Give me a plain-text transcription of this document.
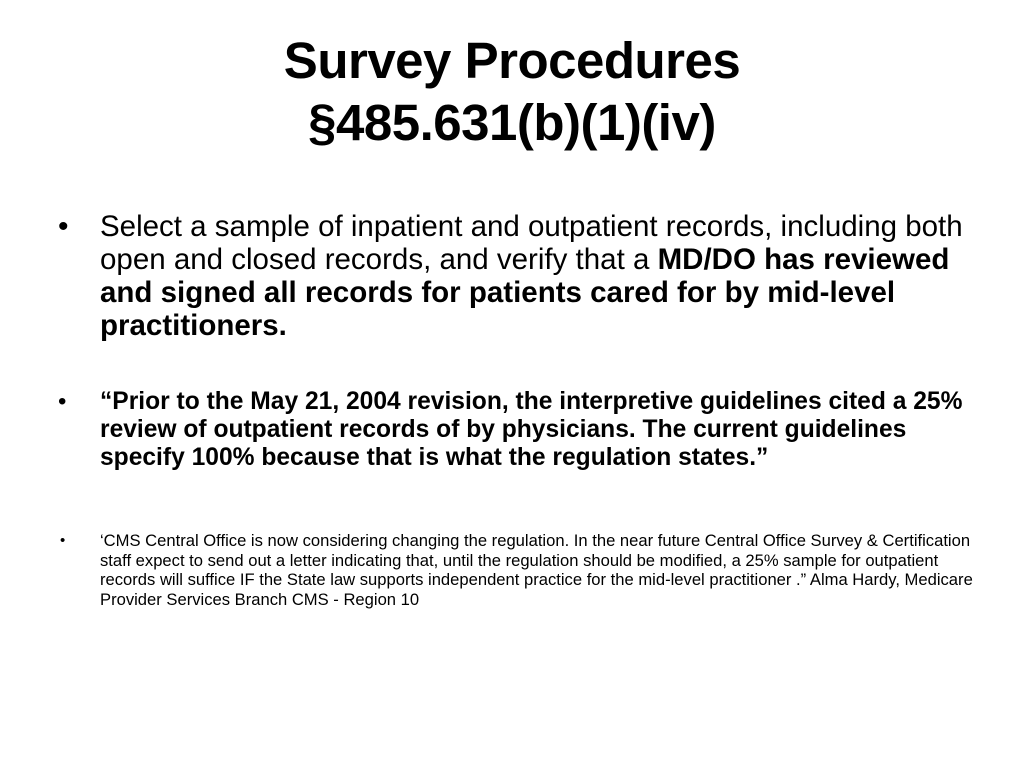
Survey Procedures
§485.631(b)(1)(iv)
• Select a sample of inpatient and outpatient records, including both open and closed records, and verify that a MD/DO has reviewed and signed all records for patients cared for by mid-level practitioners.
• “Prior to the May 21, 2004 revision, the interpretive guidelines cited a 25% review of outpatient records of by physicians. The current guidelines specify 100% because that is what the regulation states.”
• ‘CMS Central Office is now considering changing the regulation. In the near future Central Office Survey & Certification staff expect to send out a letter indicating that, until the regulation should be modified, a 25% sample for outpatient records will suffice IF the State law supports independent practice for the mid-level practitioner .” Alma Hardy, Medicare Provider Services Branch CMS - Region 10
